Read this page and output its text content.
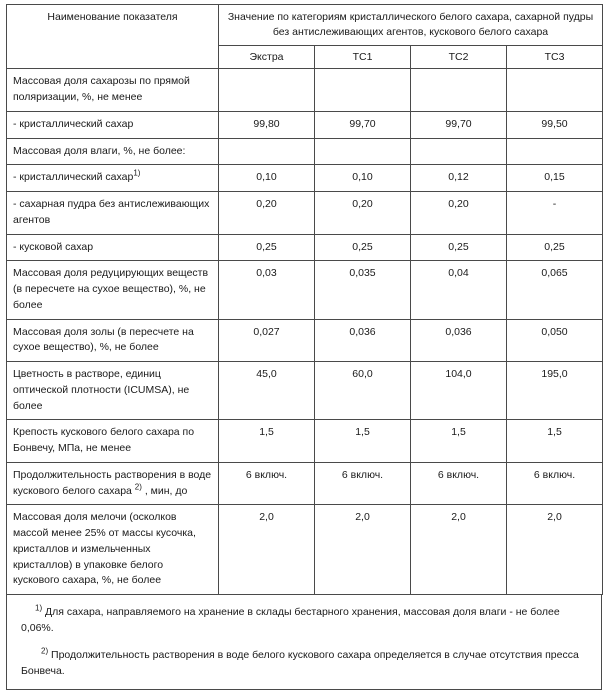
Наименование показателя	Значение по категориям кристаллического белого сахара, сахарной пудры без антислеживающих агентов, кускового белого сахара			
	Экстра	ТС1	ТС2	ТС3
Массовая доля сахарозы по прямой поляризации, %, не менее				
- кристаллический сахар	99,80	99,70	99,70	99,50
Массовая доля влаги, %, не более:				
- кристаллический сахар$^{1)}$	0,10	0,10	0,12	0,15
- сахарная пудра без антислеживающих агентов	0,20	0,20	0,20	-
- кусковой сахар	0,25	0,25	0,25	0,25
Массовая доля редуцирующих веществ (в пересчете на сухое вещество), %, не более	0,03	0,035	0,04	0,065
Массовая доля золы (в пересчете на сухое вещество), %, не более	0,027	0,036	0,036	0,050
Цветность в растворе, единиц оптической плотности (ICUMSA), не более	45,0	60,0	104,0	195,0
Крепость кускового белого сахара по Бонвечу, МПа, не менее	1,5	1,5	1,5	1,5
Продолжительность растворения в воде кускового белого сахара $^{2)}$ , мин, до	6 включ.	6 включ.	6 включ.	6 включ.
Массовая доля мелочи (осколков массой менее 25% от массы кусочка, кристаллов и измельченных кристаллов) в упаковке белого кускового сахара, %, не более	2,0	2,0	2,0	2,0

$^{1)}$ Для сахара, направляемого на хранение в склады бестарного хранения, массовая доля влаги - не более 0,06%.

$^{2)}$ Продолжительность растворения в воде белого кускового сахара определяется в случае отсутствия пресса Бонвеча.
